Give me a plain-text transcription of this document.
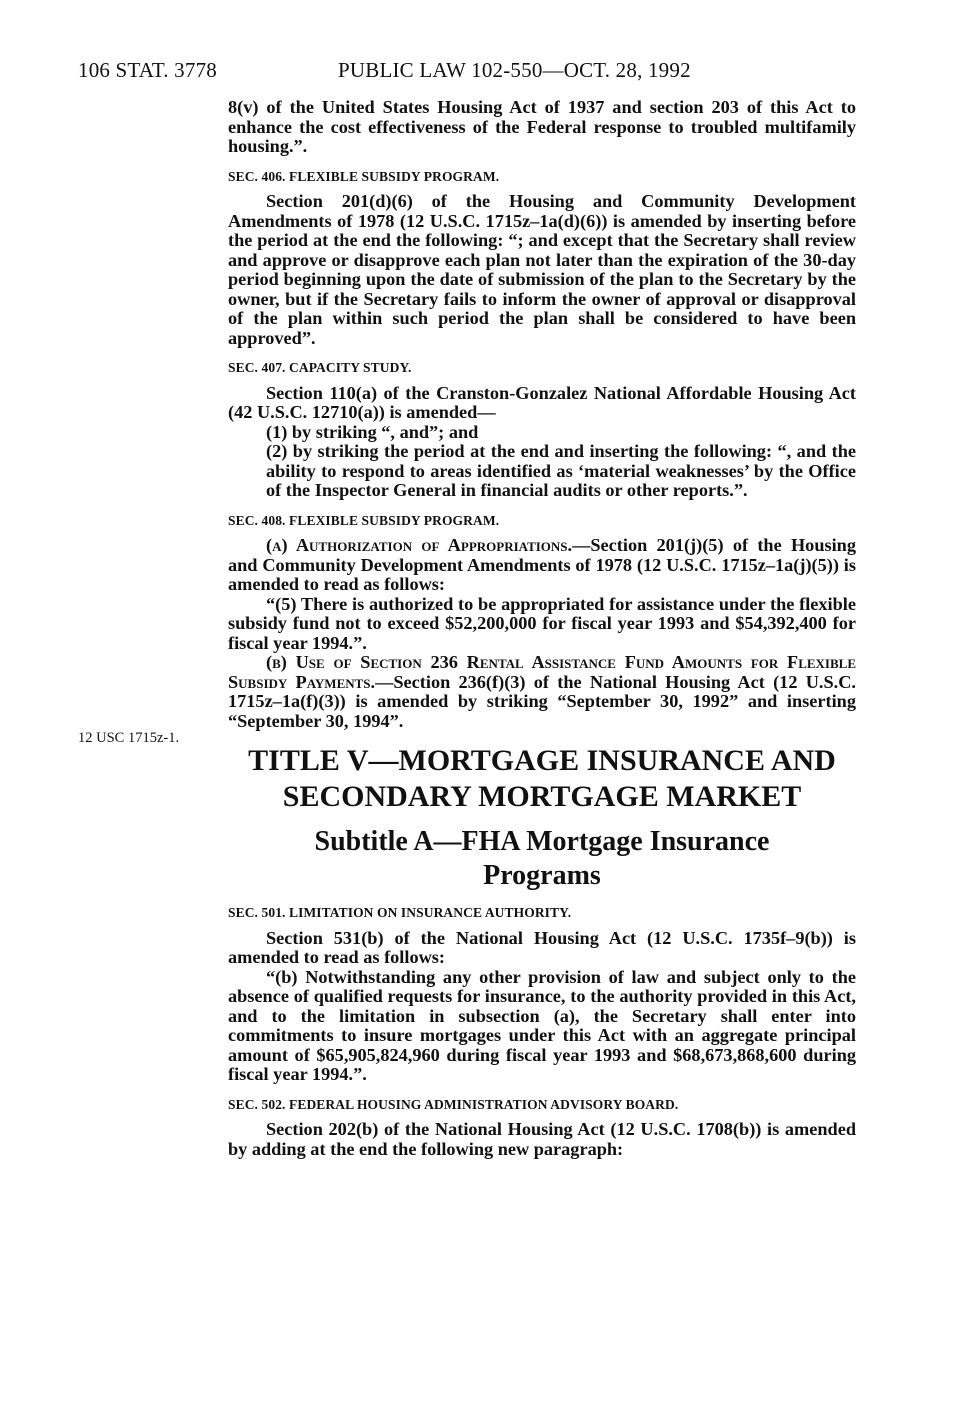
106 STAT. 3778	PUBLIC LAW 102-550—OCT. 28, 1992
12 USC 1715z-1.

8(v) of the United States Housing Act of 1937 and section 203 of this Act to enhance the cost effectiveness of the Federal response to troubled multifamily housing.”.

SEC. 406. FLEXIBLE SUBSIDY PROGRAM.

Section 201(d)(6) of the Housing and Community Development Amendments of 1978 (12 U.S.C. 1715z–1a(d)(6)) is amended by inserting before the period at the end the following: “; and except that the Secretary shall review and approve or disapprove each plan not later than the expiration of the 30-day period beginning upon the date of submission of the plan to the Secretary by the owner, but if the Secretary fails to inform the owner of approval or disapproval of the plan within such period the plan shall be considered to have been approved”.

SEC. 407. CAPACITY STUDY.

Section 110(a) of the Cranston-Gonzalez National Affordable Housing Act (42 U.S.C. 12710(a)) is amended—

(1) by striking “, and”; and

(2) by striking the period at the end and inserting the following: “, and the ability to respond to areas identified as ‘material weaknesses’ by the Office of the Inspector General in financial audits or other reports.”.

SEC. 408. FLEXIBLE SUBSIDY PROGRAM.

(a) Authorization of Appropriations.—Section 201(j)(5) of the Housing and Community Development Amendments of 1978 (12 U.S.C. 1715z–1a(j)(5)) is amended to read as follows:

“(5) There is authorized to be appropriated for assistance under the flexible subsidy fund not to exceed $52,200,000 for fiscal year 1993 and $54,392,400 for fiscal year 1994.”.

(b) Use of Section 236 Rental Assistance Fund Amounts for Flexible Subsidy Payments.—Section 236(f)(3) of the National Housing Act (12 U.S.C. 1715z–1a(f)(3)) is amended by striking “September 30, 1992” and inserting “September 30, 1994”.

TITLE V—MORTGAGE INSURANCE AND
SECONDARY MORTGAGE MARKET
Subtitle A—FHA Mortgage Insurance
Programs

SEC. 501. LIMITATION ON INSURANCE AUTHORITY.

Section 531(b) of the National Housing Act (12 U.S.C. 1735f–9(b)) is amended to read as follows:

“(b) Notwithstanding any other provision of law and subject only to the absence of qualified requests for insurance, to the authority provided in this Act, and to the limitation in subsection (a), the Secretary shall enter into commitments to insure mortgages under this Act with an aggregate principal amount of $65,905,824,960 during fiscal year 1993 and $68,673,868,600 during fiscal year 1994.”.

SEC. 502. FEDERAL HOUSING ADMINISTRATION ADVISORY BOARD.

Section 202(b) of the National Housing Act (12 U.S.C. 1708(b)) is amended by adding at the end the following new paragraph:
